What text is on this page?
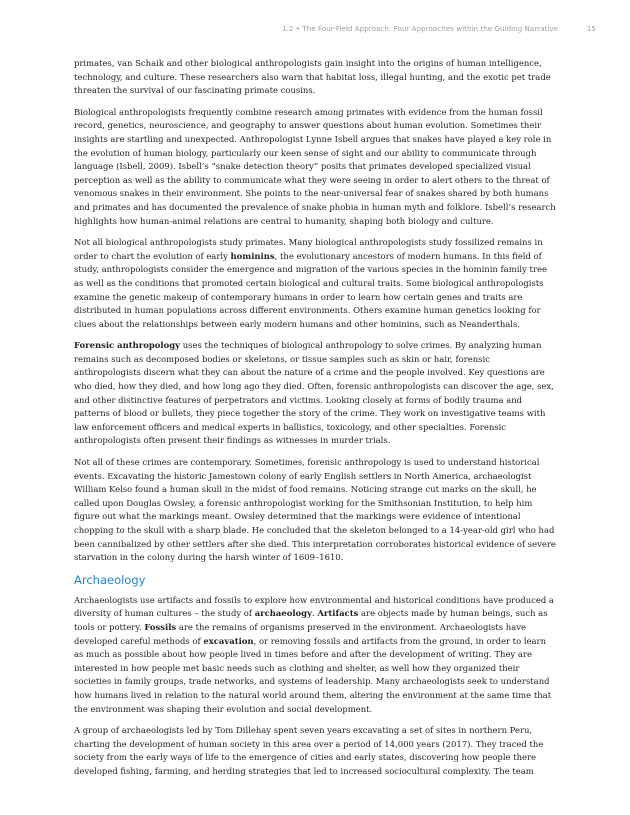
1.2 • The Four-Field Approach: Four Approaches within the Guiding Narrative	15

primates, van Schaik and other biological anthropologists gain insight into the origins of human intelligence, technology, and culture. These researchers also warn that habitat loss, illegal hunting, and the exotic pet trade threaten the survival of our fascinating primate cousins.

Biological anthropologists frequently combine research among primates with evidence from the human fossil record, genetics, neuroscience, and geography to answer questions about human evolution. Sometimes their insights are startling and unexpected. Anthropologist Lynne Isbell argues that snakes have played a key role in the evolution of human biology, particularly our keen sense of sight and our ability to communicate through language (Isbell, 2009). Isbell’s “snake detection theory” posits that primates developed specialized visual perception as well as the ability to communicate what they were seeing in order to alert others to the threat of venomous snakes in their environment. She points to the near-universal fear of snakes shared by both humans and primates and has documented the prevalence of snake phobia in human myth and folklore. Isbell’s research highlights how human-animal relations are central to humanity, shaping both biology and culture.

Not all biological anthropologists study primates. Many biological anthropologists study fossilized remains in order to chart the evolution of early hominins, the evolutionary ancestors of modern humans. In this field of study, anthropologists consider the emergence and migration of the various species in the hominin family tree as well as the conditions that promoted certain biological and cultural traits. Some biological anthropologists examine the genetic makeup of contemporary humans in order to learn how certain genes and traits are distributed in human populations across different environments. Others examine human genetics looking for clues about the relationships between early modern humans and other hominins, such as Neanderthals.

Forensic anthropology uses the techniques of biological anthropology to solve crimes. By analyzing human remains such as decomposed bodies or skeletons, or tissue samples such as skin or hair, forensic anthropologists discern what they can about the nature of a crime and the people involved. Key questions are who died, how they died, and how long ago they died. Often, forensic anthropologists can discover the age, sex, and other distinctive features of perpetrators and victims. Looking closely at forms of bodily trauma and patterns of blood or bullets, they piece together the story of the crime. They work on investigative teams with law enforcement officers and medical experts in ballistics, toxicology, and other specialties. Forensic anthropologists often present their findings as witnesses in murder trials.

Not all of these crimes are contemporary. Sometimes, forensic anthropology is used to understand historical events. Excavating the historic Jamestown colony of early English settlers in North America, archaeologist William Kelso found a human skull in the midst of food remains. Noticing strange cut marks on the skull, he called upon Douglas Owsley, a forensic anthropologist working for the Smithsonian Institution, to help him figure out what the markings meant. Owsley determined that the markings were evidence of intentional chopping to the skull with a sharp blade. He concluded that the skeleton belonged to a 14-year-old girl who had been cannibalized by other settlers after she died. This interpretation corroborates historical evidence of severe starvation in the colony during the harsh winter of 1609–1610.

Archaeology

Archaeologists use artifacts and fossils to explore how environmental and historical conditions have produced a diversity of human cultures – the study of archaeology. Artifacts are objects made by human beings, such as tools or pottery. Fossils are the remains of organisms preserved in the environment. Archaeologists have developed careful methods of excavation, or removing fossils and artifacts from the ground, in order to learn as much as possible about how people lived in times before and after the development of writing. They are interested in how people met basic needs such as clothing and shelter, as well how they organized their societies in family groups, trade networks, and systems of leadership. Many archaeologists seek to understand how humans lived in relation to the natural world around them, altering the environment at the same time that the environment was shaping their evolution and social development.

A group of archaeologists led by Tom Dillehay spent seven years excavating a set of sites in northern Peru, charting the development of human society in this area over a period of 14,000 years (2017). They traced the society from the early ways of life to the emergence of cities and early states, discovering how people there developed fishing, farming, and herding strategies that led to increased sociocultural complexity. The team
